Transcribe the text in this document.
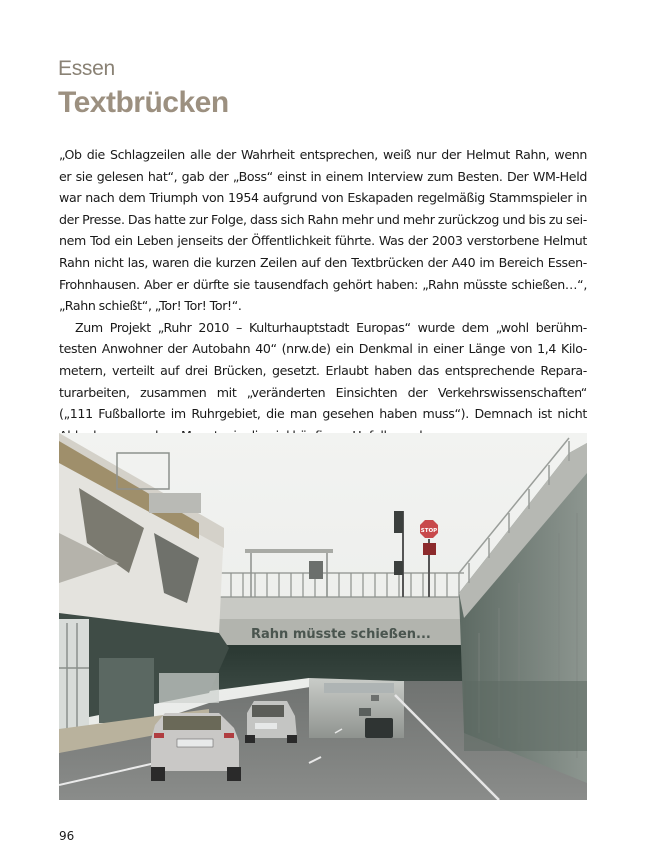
Essen
Textbrücken

„Ob die Schlagzeilen alle der Wahrheit entsprechen, weiß nur der Helmut Rahn, wenn
er sie gelesen hat“, gab der „Boss“ einst in einem Interview zum Besten. Der WM-Held
war nach dem Triumph von 1954 aufgrund von Eskapaden regelmäßig Stammspieler in
der Presse. Das hatte zur Folge, dass sich Rahn mehr und mehr zurückzog und bis zu sei-
nem Tod ein Leben jenseits der Öffentlichkeit führte. Was der 2003 verstorbene Helmut
Rahn nicht las, waren die kurzen Zeilen auf den Textbrücken der A40 im Bereich Essen-
Frohnhausen. Aber er dürfte sie tausendfach gehört haben: „Rahn müsste schießen…“,
„Rahn schießt“, „Tor! Tor! Tor!“.

Zum Projekt „Ruhr 2010 – Kulturhauptstadt Europas“ wurde dem „wohl berühm-
testen Anwohner der Autobahn 40“ (nrw.de) ein Denkmal in einer Länge von 1,4 Kilo-
metern, verteilt auf drei Brücken, gesetzt. Erlaubt haben das entsprechende Repara-
turarbeiten, zusammen mit „veränderten Einsichten der Verkehrswissenschaften“
(„111 Fußballorte im Ruhrgebiet, die man gesehen haben muss“). Demnach ist nicht

Rahn müsste schießen...
STOP
96
